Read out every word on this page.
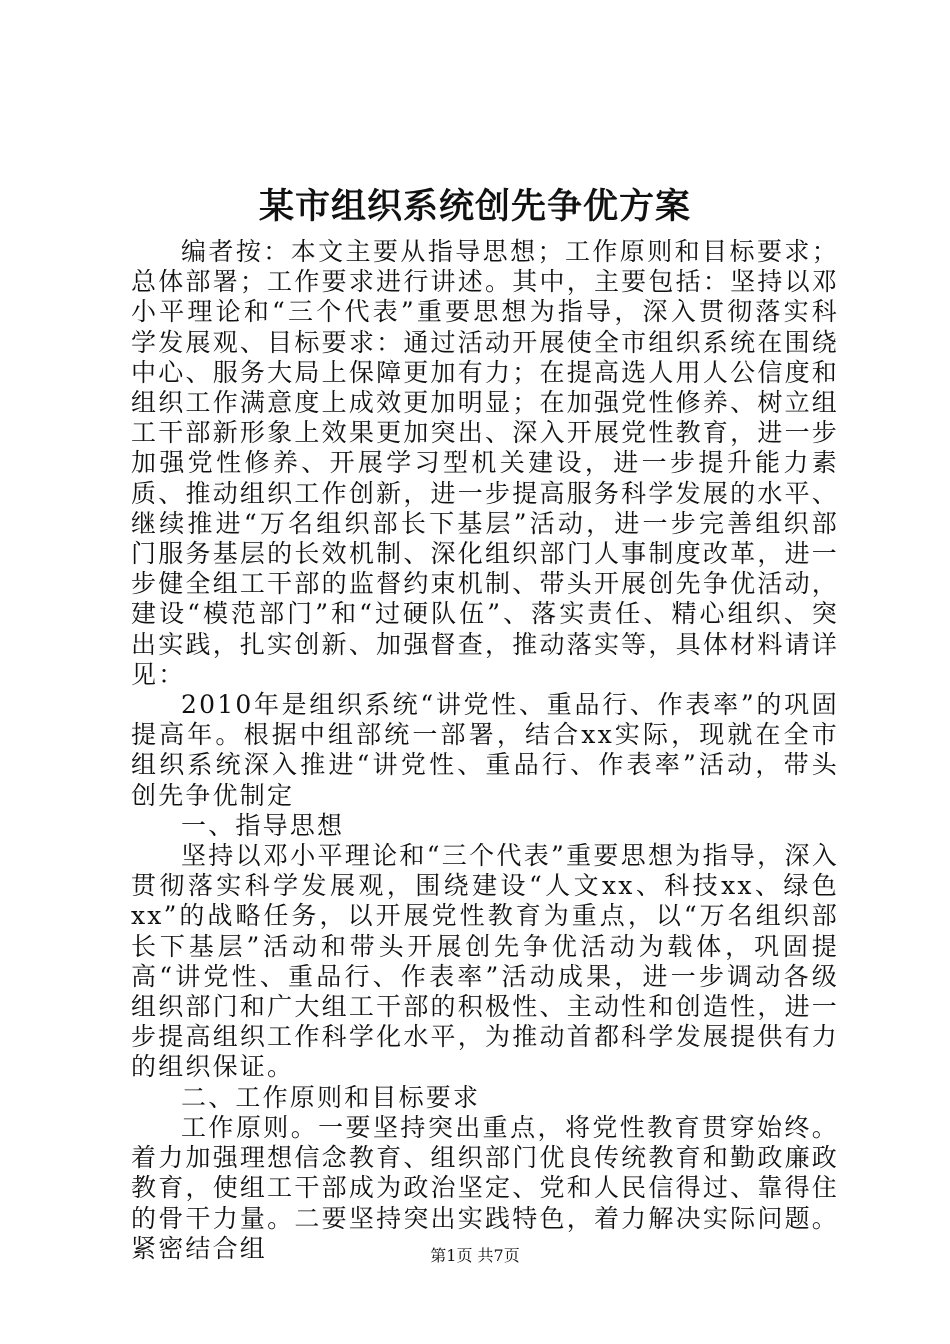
某市组织系统创先争优方案

编者按：本文主要从指导思想；工作原则和目标要求；总体部署；工作要求进行讲述。其中，主要包括：坚持以邓小平理论和“三个代表”重要思想为指导，深入贯彻落实科学发展观、目标要求：通过活动开展使全市组织系统在围绕中心、服务大局上保障更加有力；在提高选人用人公信度和组织工作满意度上成效更加明显；在加强党性修养、树立组工干部新形象上效果更加突出、深入开展党性教育，进一步加强党性修养、开展学习型机关建设，进一步提升能力素质、推动组织工作创新，进一步提高服务科学发展的水平、继续推进“万名组织部长下基层”活动，进一步完善组织部门服务基层的长效机制、深化组织部门人事制度改革，进一步健全组工干部的监督约束机制、带头开展创先争优活动，建设“模范部门”和“过硬队伍”、落实责任、精心组织、突出实践，扎实创新、加强督查，推动落实等，具体材料请详见：

2010年是组织系统“讲党性、重品行、作表率”的巩固提高年。根据中组部统一部署，结合xx实际，现就在全市组织系统深入推进“讲党性、重品行、作表率”活动，带头创先争优制定

一、指导思想

坚持以邓小平理论和“三个代表”重要思想为指导，深入贯彻落实科学发展观，围绕建设“人文xx、科技xx、绿色xx”的战略任务，以开展党性教育为重点，以“万名组织部长下基层”活动和带头开展创先争优活动为载体，巩固提高“讲党性、重品行、作表率”活动成果，进一步调动各级组织部门和广大组工干部的积极性、主动性和创造性，进一步提高组织工作科学化水平，为推动首都科学发展提供有力的组织保证。

二、工作原则和目标要求

工作原则。一要坚持突出重点，将党性教育贯穿始终。着力加强理想信念教育、组织部门优良传统教育和勤政廉政教育，使组工干部成为政治坚定、党和人民信得过、靠得住的骨干力量。二要坚持突出实践特色，着力解决实际问题。紧密结合组	第1页 共7页
